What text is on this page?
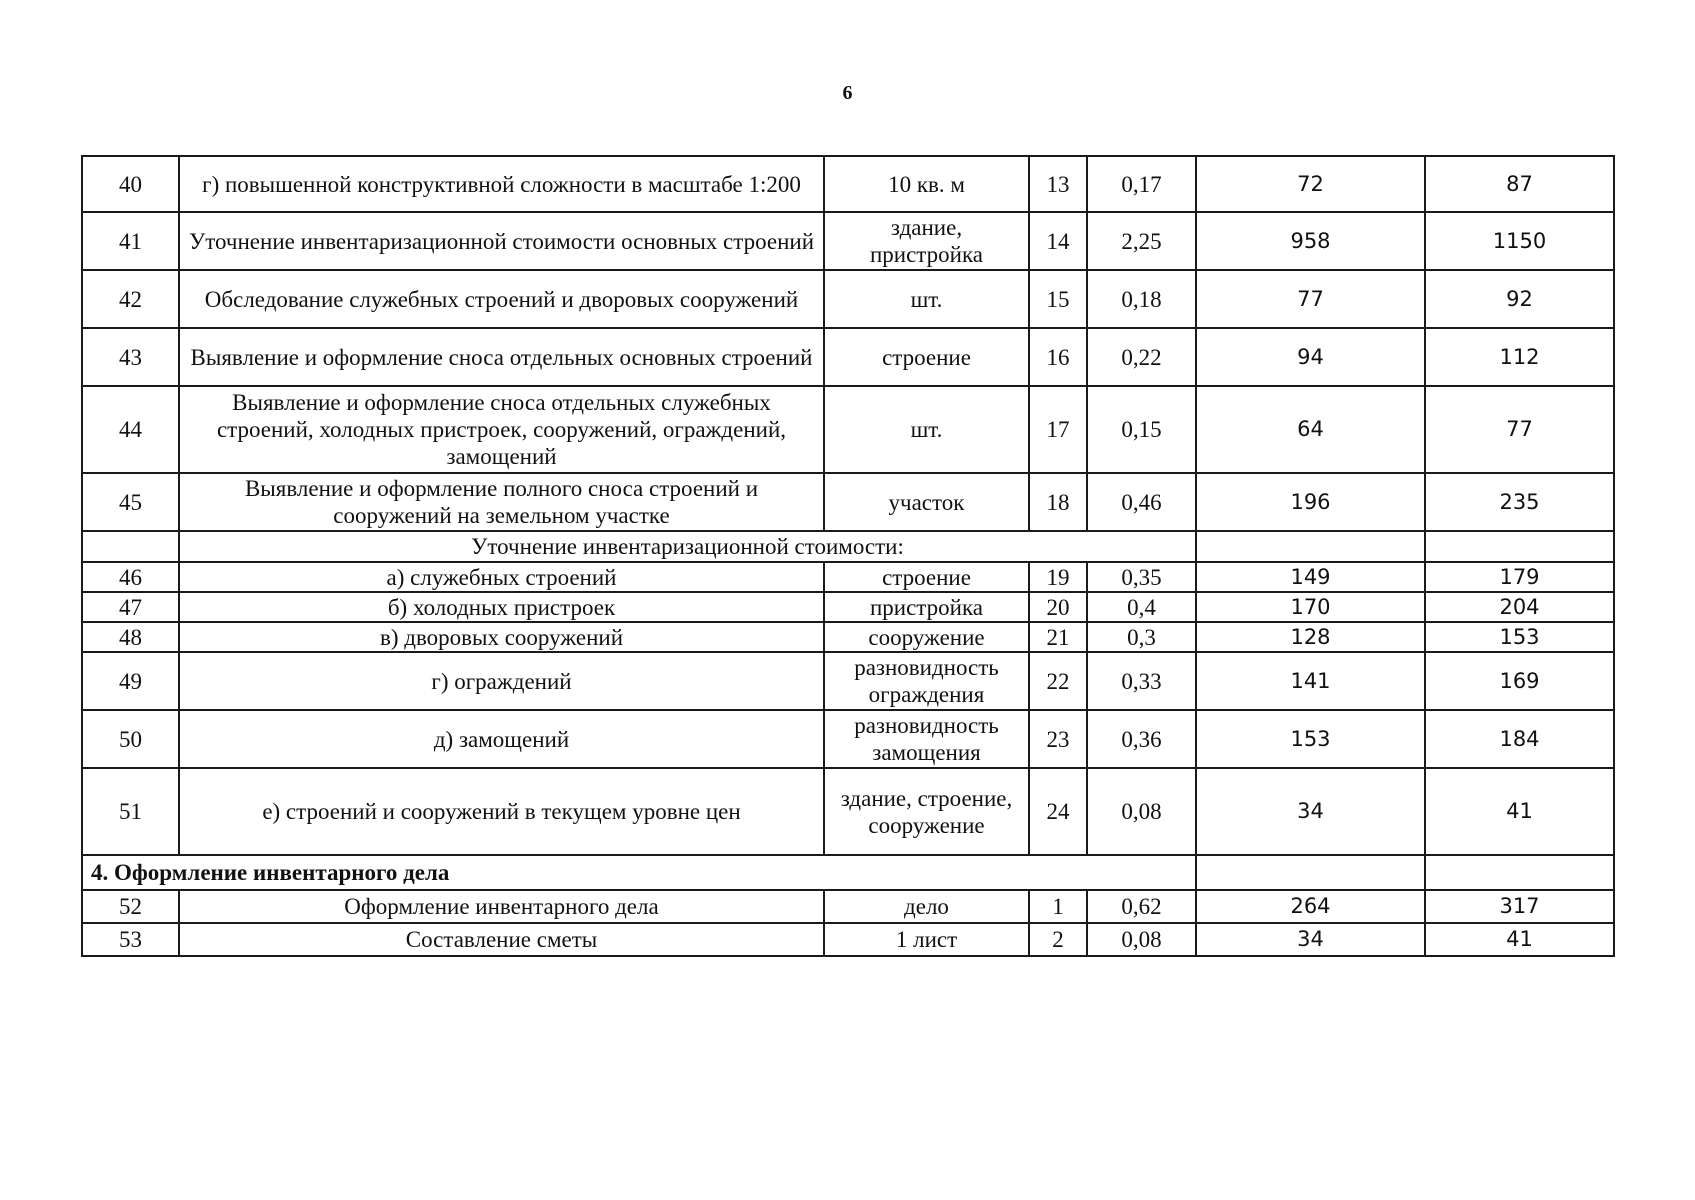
6
40	г) повышенной конструктивной сложности в масштабе 1:200	10 кв. м	13	0,17	72	87
41	Уточнение инвентаризационной стоимости основных строений	здание, пристройка	14	2,25	958	1150
42	Обследование служебных строений и дворовых сооружений	шт.	15	0,18	77	92
43	Выявление и оформление сноса отдельных основных строений	строение	16	0,22	94	112
44	Выявление и оформление сноса отдельных служебных строений, холодных пристроек, сооружений, ограждений, замощений	шт.	17	0,15	64	77
45	Выявление и оформление полного сноса строений и сооружений на земельном участке	участок	18	0,46	196	235
	Уточнение инвентаризационной стоимости:					
46	а) служебных строений	строение	19	0,35	149	179
47	б) холодных пристроек	пристройка	20	0,4	170	204
48	в) дворовых сооружений	сооружение	21	0,3	128	153
49	г) ограждений	разновидность ограждения	22	0,33	141	169
50	д) замощений	разновидность замощения	23	0,36	153	184
51	е) строений и сооружений в текущем уровне цен	здание, строение, сооружение	24	0,08	34	41
4. Оформление инвентарного дела						
52	Оформление инвентарного дела	дело	1	0,62	264	317
53	Составление сметы	1 лист	2	0,08	34	41
